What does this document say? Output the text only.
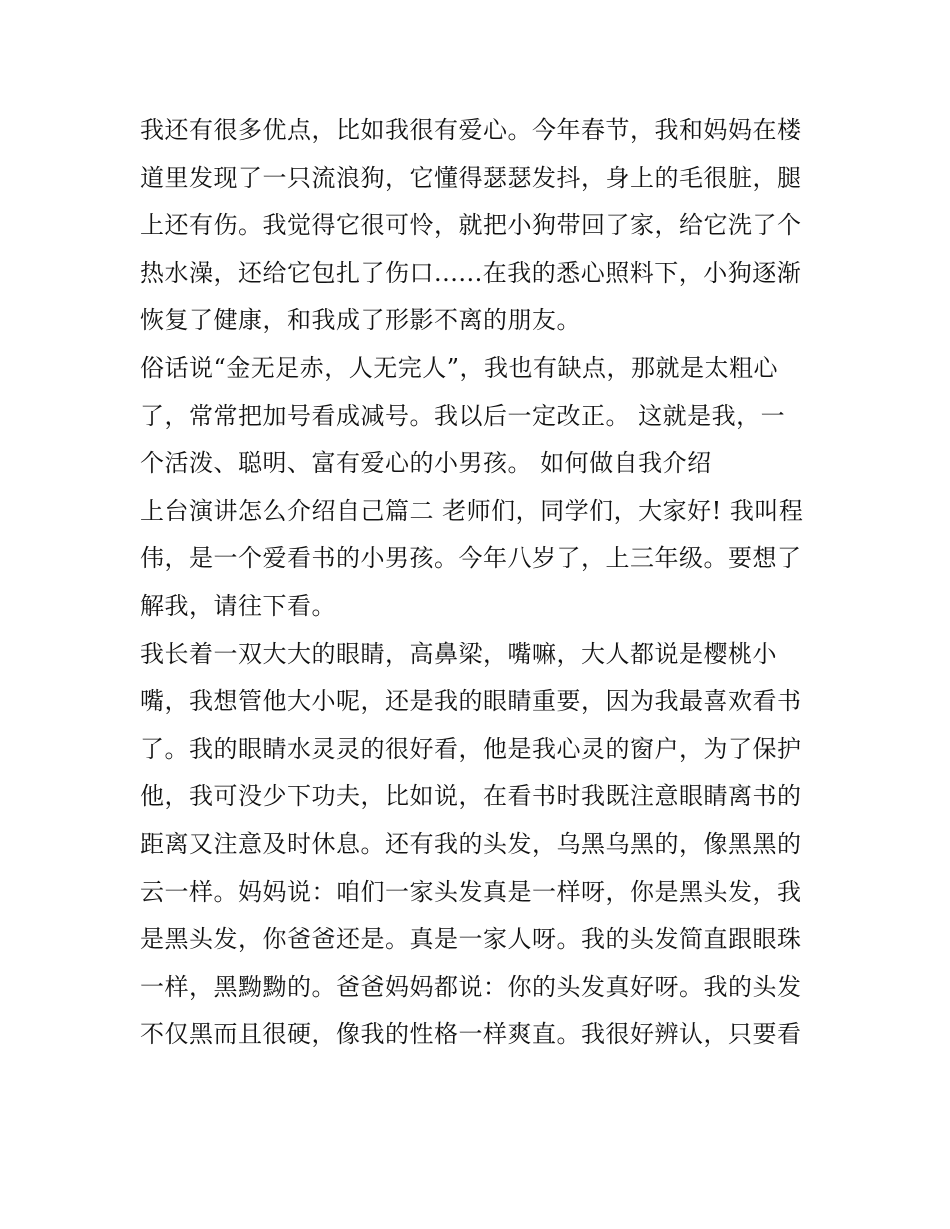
我还有很多优点，比如我很有爱心。今年春节，我和妈妈在楼
道里发现了一只流浪狗，它懂得瑟瑟发抖，身上的毛很脏，腿
上还有伤。我觉得它很可怜，就把小狗带回了家，给它洗了个
热水澡，还给它包扎了伤口......在我的悉心照料下，小狗逐渐
恢复了健康，和我成了形影不离的朋友。
俗话说“金无足赤，人无完人”，我也有缺点，那就是太粗心
了，常常把加号看成减号。我以后一定改正。 这就是我，一
个活泼、聪明、富有爱心的小男孩。 如何做自我介绍
上台演讲怎么介绍自己篇二 老师们，同学们，大家好! 我叫程
伟，是一个爱看书的小男孩。今年八岁了，上三年级。要想了
解我，请往下看。
我长着一双大大的眼睛，高鼻梁，嘴嘛，大人都说是樱桃小
嘴，我想管他大小呢，还是我的眼睛重要，因为我最喜欢看书
了。我的眼睛水灵灵的很好看，他是我心灵的窗户，为了保护
他，我可没少下功夫，比如说，在看书时我既注意眼睛离书的
距离又注意及时休息。还有我的头发，乌黑乌黑的，像黑黑的
云一样。妈妈说：咱们一家头发真是一样呀，你是黑头发，我
是黑头发，你爸爸还是。真是一家人呀。我的头发简直跟眼珠
一样，黑黝黝的。爸爸妈妈都说：你的头发真好呀。我的头发
不仅黑而且很硬，像我的性格一样爽直。我很好辨认，只要看
